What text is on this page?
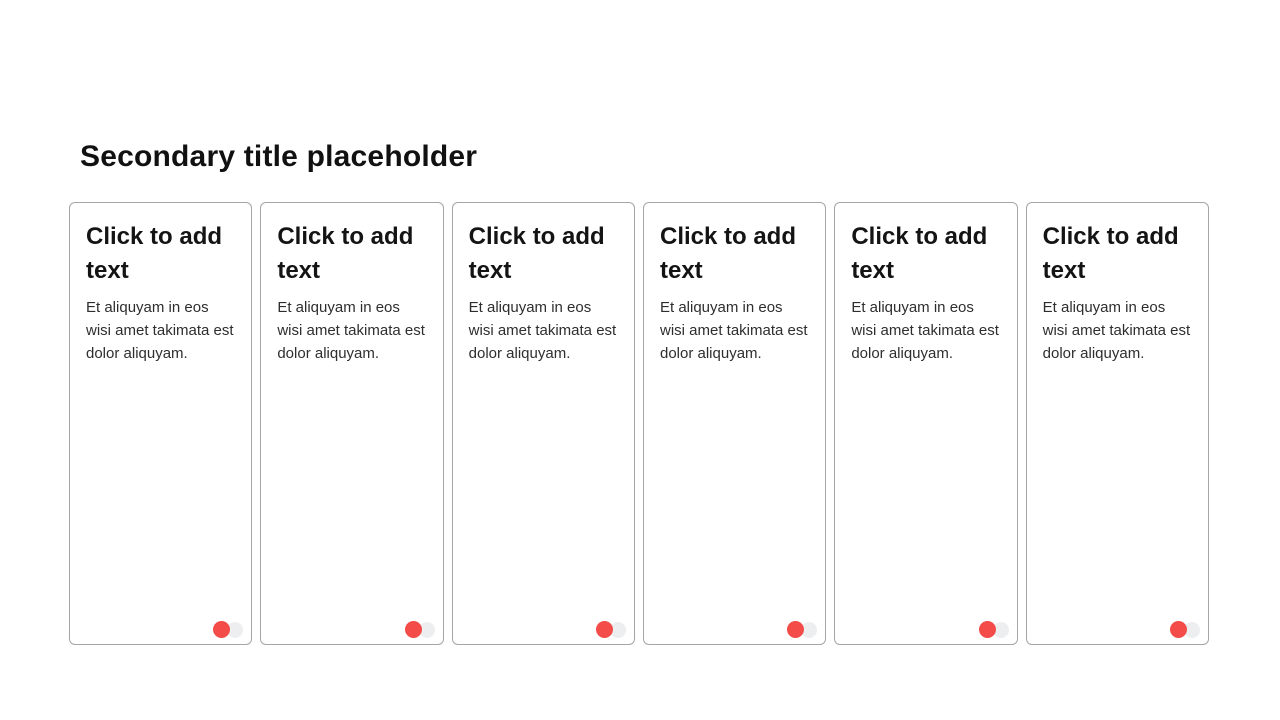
Secondary title placeholder
Click to add text

Et aliquyam in eos wisi amet takimata est dolor aliquyam.

Click to add text

Et aliquyam in eos wisi amet takimata est dolor aliquyam.

Click to add text

Et aliquyam in eos wisi amet takimata est dolor aliquyam.

Click to add text

Et aliquyam in eos wisi amet takimata est dolor aliquyam.

Click to add text

Et aliquyam in eos wisi amet takimata est dolor aliquyam.

Click to add text

Et aliquyam in eos wisi amet takimata est dolor aliquyam.
